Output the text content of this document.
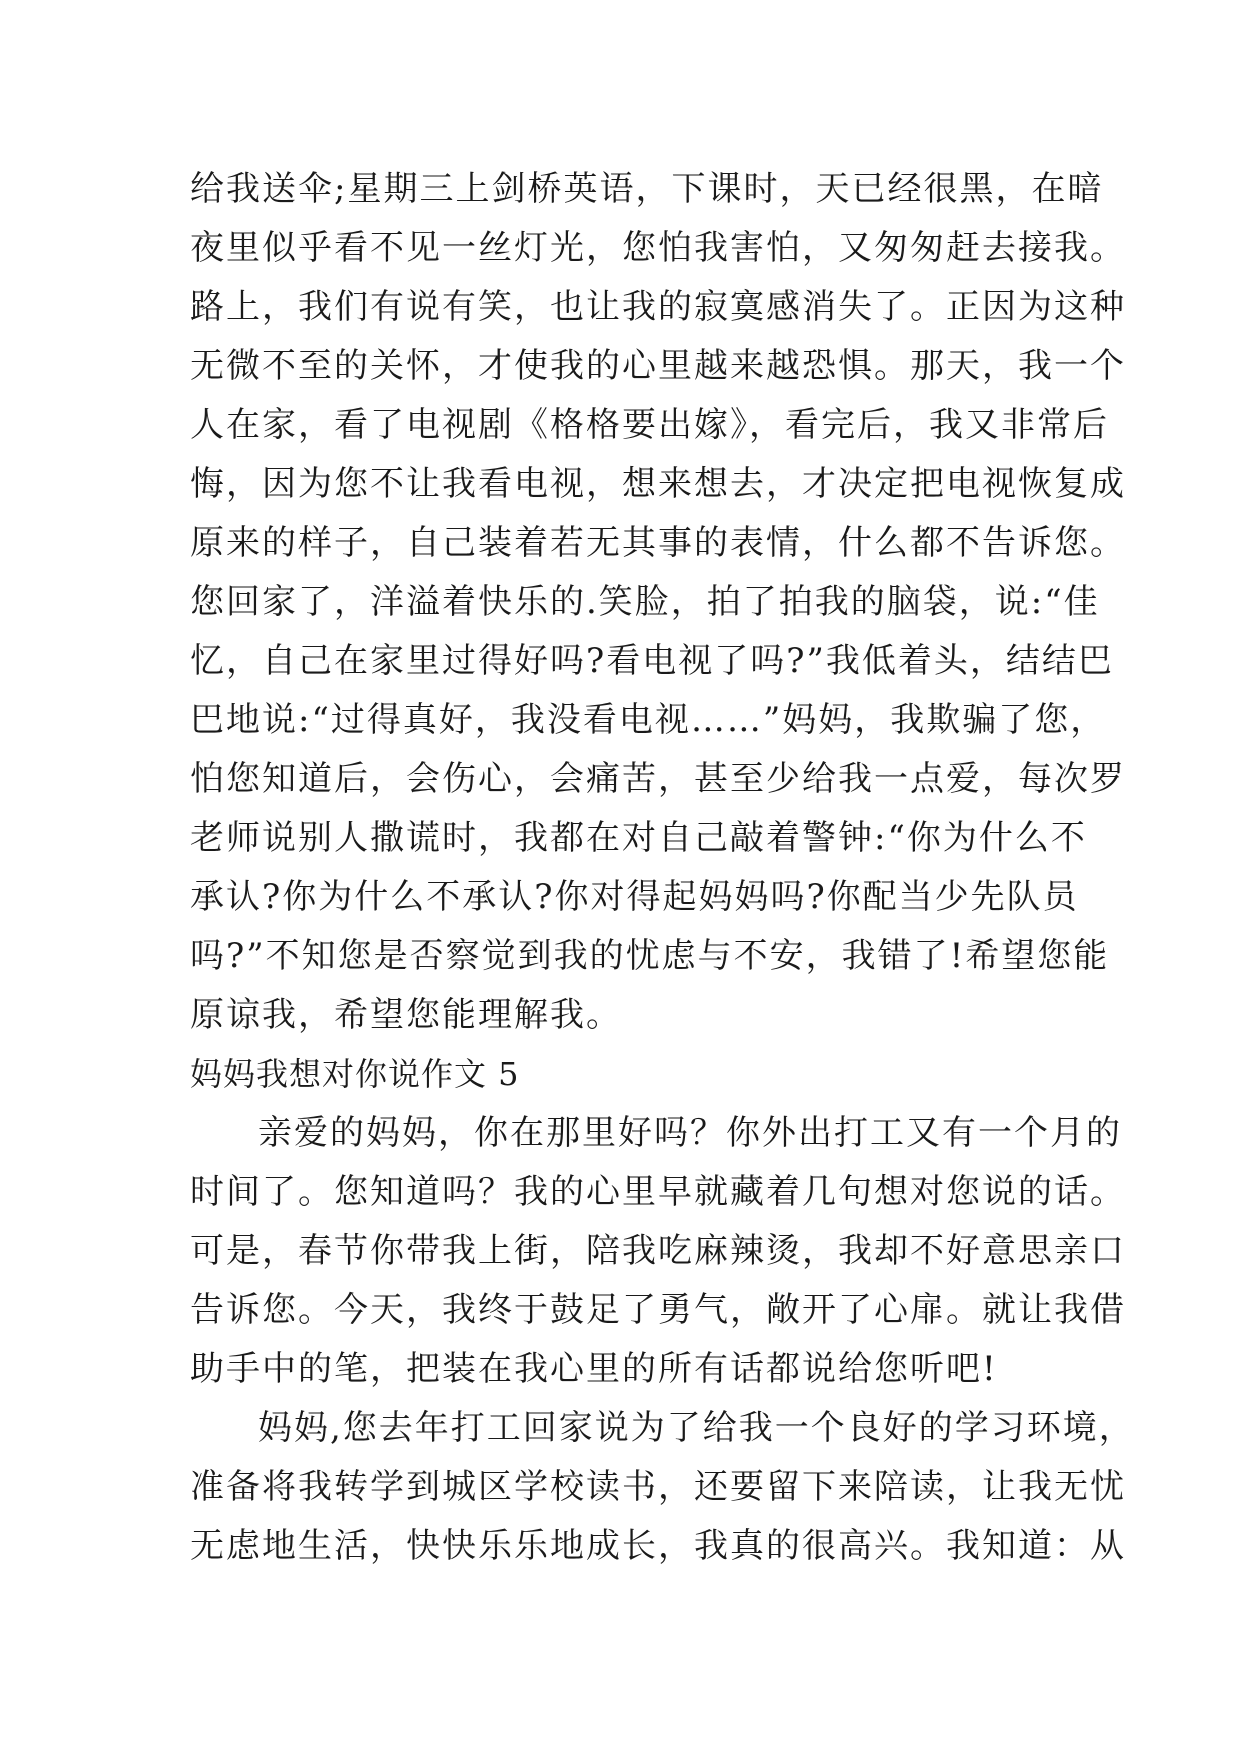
给我送伞;星期三上剑桥英语，下课时，天已经很黑，在暗
夜里似乎看不见一丝灯光，您怕我害怕，又匆匆赶去接我。
路上，我们有说有笑，也让我的寂寞感消失了。正因为这种
无微不至的关怀，才使我的心里越来越恐惧。那天，我一个
人在家，看了电视剧《格格要出嫁》，看完后，我又非常后
悔，因为您不让我看电视，想来想去，才决定把电视恢复成
原来的样子，自己装着若无其事的表情，什么都不告诉您。
您回家了，洋溢着快乐的.笑脸，拍了拍我的脑袋，说:“佳
忆，自己在家里过得好吗?看电视了吗?”我低着头，结结巴
巴地说:“过得真好，我没看电视……”妈妈，我欺骗了您，
怕您知道后，会伤心，会痛苦，甚至少给我一点爱，每次罗
老师说别人撒谎时，我都在对自己敲着警钟:“你为什么不
承认?你为什么不承认?你对得起妈妈吗?你配当少先队员
吗?”不知您是否察觉到我的忧虑与不安，我错了!希望您能
原谅我，希望您能理解我。
妈妈我想对你说作文 5
亲爱的妈妈，你在那里好吗？你外出打工又有一个月的
时间了。您知道吗？我的心里早就藏着几句想对您说的话。
可是，春节你带我上街，陪我吃麻辣烫，我却不好意思亲口
告诉您。今天，我终于鼓足了勇气，敞开了心扉。就让我借
助手中的笔，把装在我心里的所有话都说给您听吧!
妈妈,您去年打工回家说为了给我一个良好的学习环境，
准备将我转学到城区学校读书，还要留下来陪读，让我无忧
无虑地生活，快快乐乐地成长，我真的很高兴。我知道：从
